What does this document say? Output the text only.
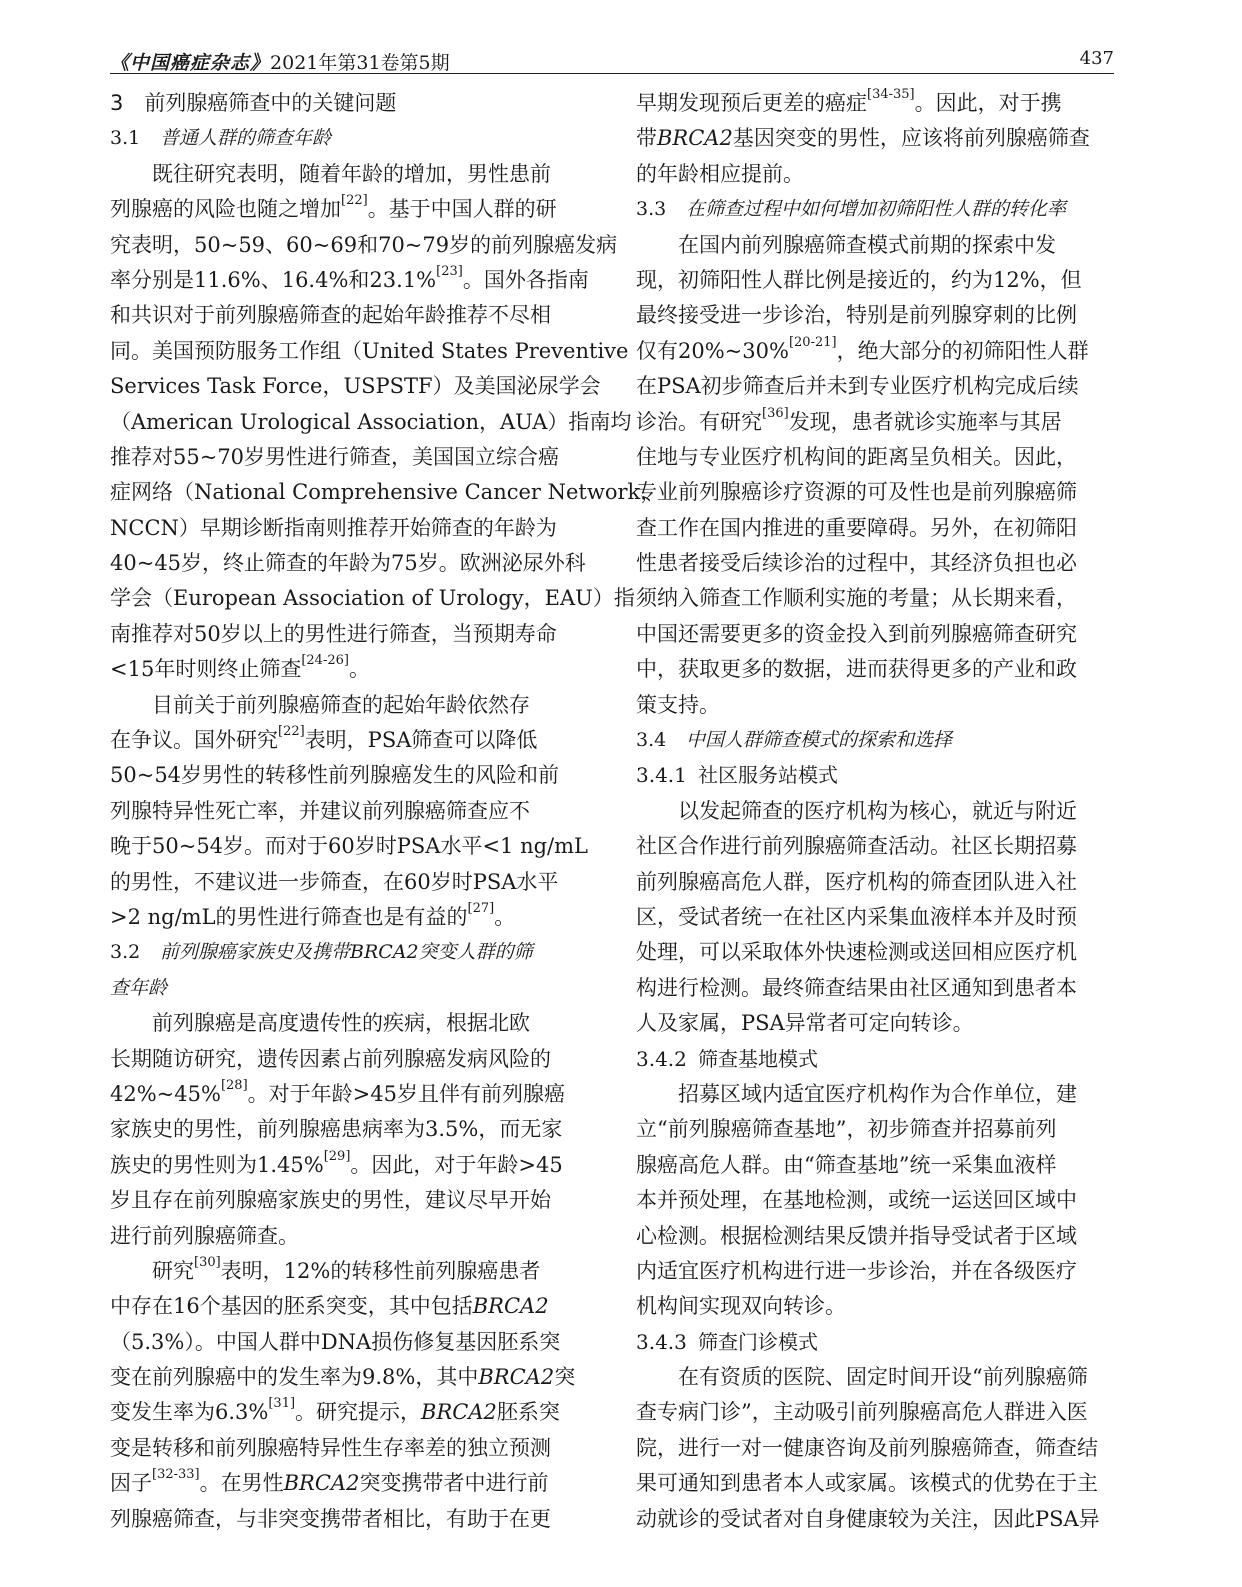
《中国癌症杂志》2021年第31卷第5期	437
3　前列腺癌筛查中的关键问题
3.1 普通人群的筛查年龄
既往研究表明，随着年龄的增加，男性患前
列腺癌的风险也随之增加[22]。基于中国人群的研
究表明，50~59、60~69和70~79岁的前列腺癌发病
率分别是11.6%、16.4%和23.1%[23]。国外各指南
和共识对于前列腺癌筛查的起始年龄推荐不尽相
同。美国预防服务工作组（United States Preventive
Services Task Force，USPSTF）及美国泌尿学会
（American Urological Association，AUA）指南均
推荐对55~70岁男性进行筛查，美国国立综合癌
症网络（National Comprehensive Cancer Network，
NCCN）早期诊断指南则推荐开始筛查的年龄为
40~45岁，终止筛查的年龄为75岁。欧洲泌尿外科
学会（European Association of Urology，EAU）指
南推荐对50岁以上的男性进行筛查，当预期寿命
<15年时则终止筛查[24-26]。
目前关于前列腺癌筛查的起始年龄依然存
在争议。国外研究[22]表明，PSA筛查可以降低
50~54岁男性的转移性前列腺癌发生的风险和前
列腺特异性死亡率，并建议前列腺癌筛查应不
晚于50~54岁。而对于60岁时PSA水平<1 ng/mL
的男性，不建议进一步筛查，在60岁时PSA水平
>2 ng/mL的男性进行筛查也是有益的[27]。
3.2 前列腺癌家族史及携带BRCA2突变人群的筛
查年龄
前列腺癌是高度遗传性的疾病，根据北欧
长期随访研究，遗传因素占前列腺癌发病风险的
42%~45%[28]。对于年龄>45岁且伴有前列腺癌
家族史的男性，前列腺癌患病率为3.5%，而无家
族史的男性则为1.45%[29]。因此，对于年龄>45
岁且存在前列腺癌家族史的男性，建议尽早开始
进行前列腺癌筛查。
研究[30]表明，12%的转移性前列腺癌患者
中存在16个基因的胚系突变，其中包括BRCA2
（5.3%）。中国人群中DNA损伤修复基因胚系突
变在前列腺癌中的发生率为9.8%，其中BRCA2突
变发生率为6.3%[31]。研究提示，BRCA2胚系突
变是转移和前列腺癌特异性生存率差的独立预测
因子[32-33]。在男性BRCA2突变携带者中进行前
列腺癌筛查，与非突变携带者相比，有助于在更
早期发现预后更差的癌症[34-35]。因此，对于携
带BRCA2基因突变的男性，应该将前列腺癌筛查
的年龄相应提前。
3.3 在筛查过程中如何增加初筛阳性人群的转化率
在国内前列腺癌筛查模式前期的探索中发
现，初筛阳性人群比例是接近的，约为12%，但
最终接受进一步诊治，特别是前列腺穿刺的比例
仅有20%~30%[20-21]，绝大部分的初筛阳性人群
在PSA初步筛查后并未到专业医疗机构完成后续
诊治。有研究[36]发现，患者就诊实施率与其居
住地与专业医疗机构间的距离呈负相关。因此，
专业前列腺癌诊疗资源的可及性也是前列腺癌筛
查工作在国内推进的重要障碍。另外，在初筛阳
性患者接受后续诊治的过程中，其经济负担也必
须纳入筛查工作顺利实施的考量；从长期来看，
中国还需要更多的资金投入到前列腺癌筛查研究
中，获取更多的数据，进而获得更多的产业和政
策支持。
3.4 中国人群筛查模式的探索和选择
3.4.1 社区服务站模式
以发起筛查的医疗机构为核心，就近与附近
社区合作进行前列腺癌筛查活动。社区长期招募
前列腺癌高危人群，医疗机构的筛查团队进入社
区，受试者统一在社区内采集血液样本并及时预
处理，可以采取体外快速检测或送回相应医疗机
构进行检测。最终筛查结果由社区通知到患者本
人及家属，PSA异常者可定向转诊。
3.4.2 筛查基地模式
招募区域内适宜医疗机构作为合作单位，建
立“前列腺癌筛查基地”，初步筛查并招募前列
腺癌高危人群。由“筛查基地”统一采集血液样
本并预处理，在基地检测，或统一运送回区域中
心检测。根据检测结果反馈并指导受试者于区域
内适宜医疗机构进行进一步诊治，并在各级医疗
机构间实现双向转诊。
3.4.3 筛查门诊模式
在有资质的医院、固定时间开设“前列腺癌筛
查专病门诊”，主动吸引前列腺癌高危人群进入医
院，进行一对一健康咨询及前列腺癌筛查，筛查结
果可通知到患者本人或家属。该模式的优势在于主
动就诊的受试者对自身健康较为关注，因此PSA异
